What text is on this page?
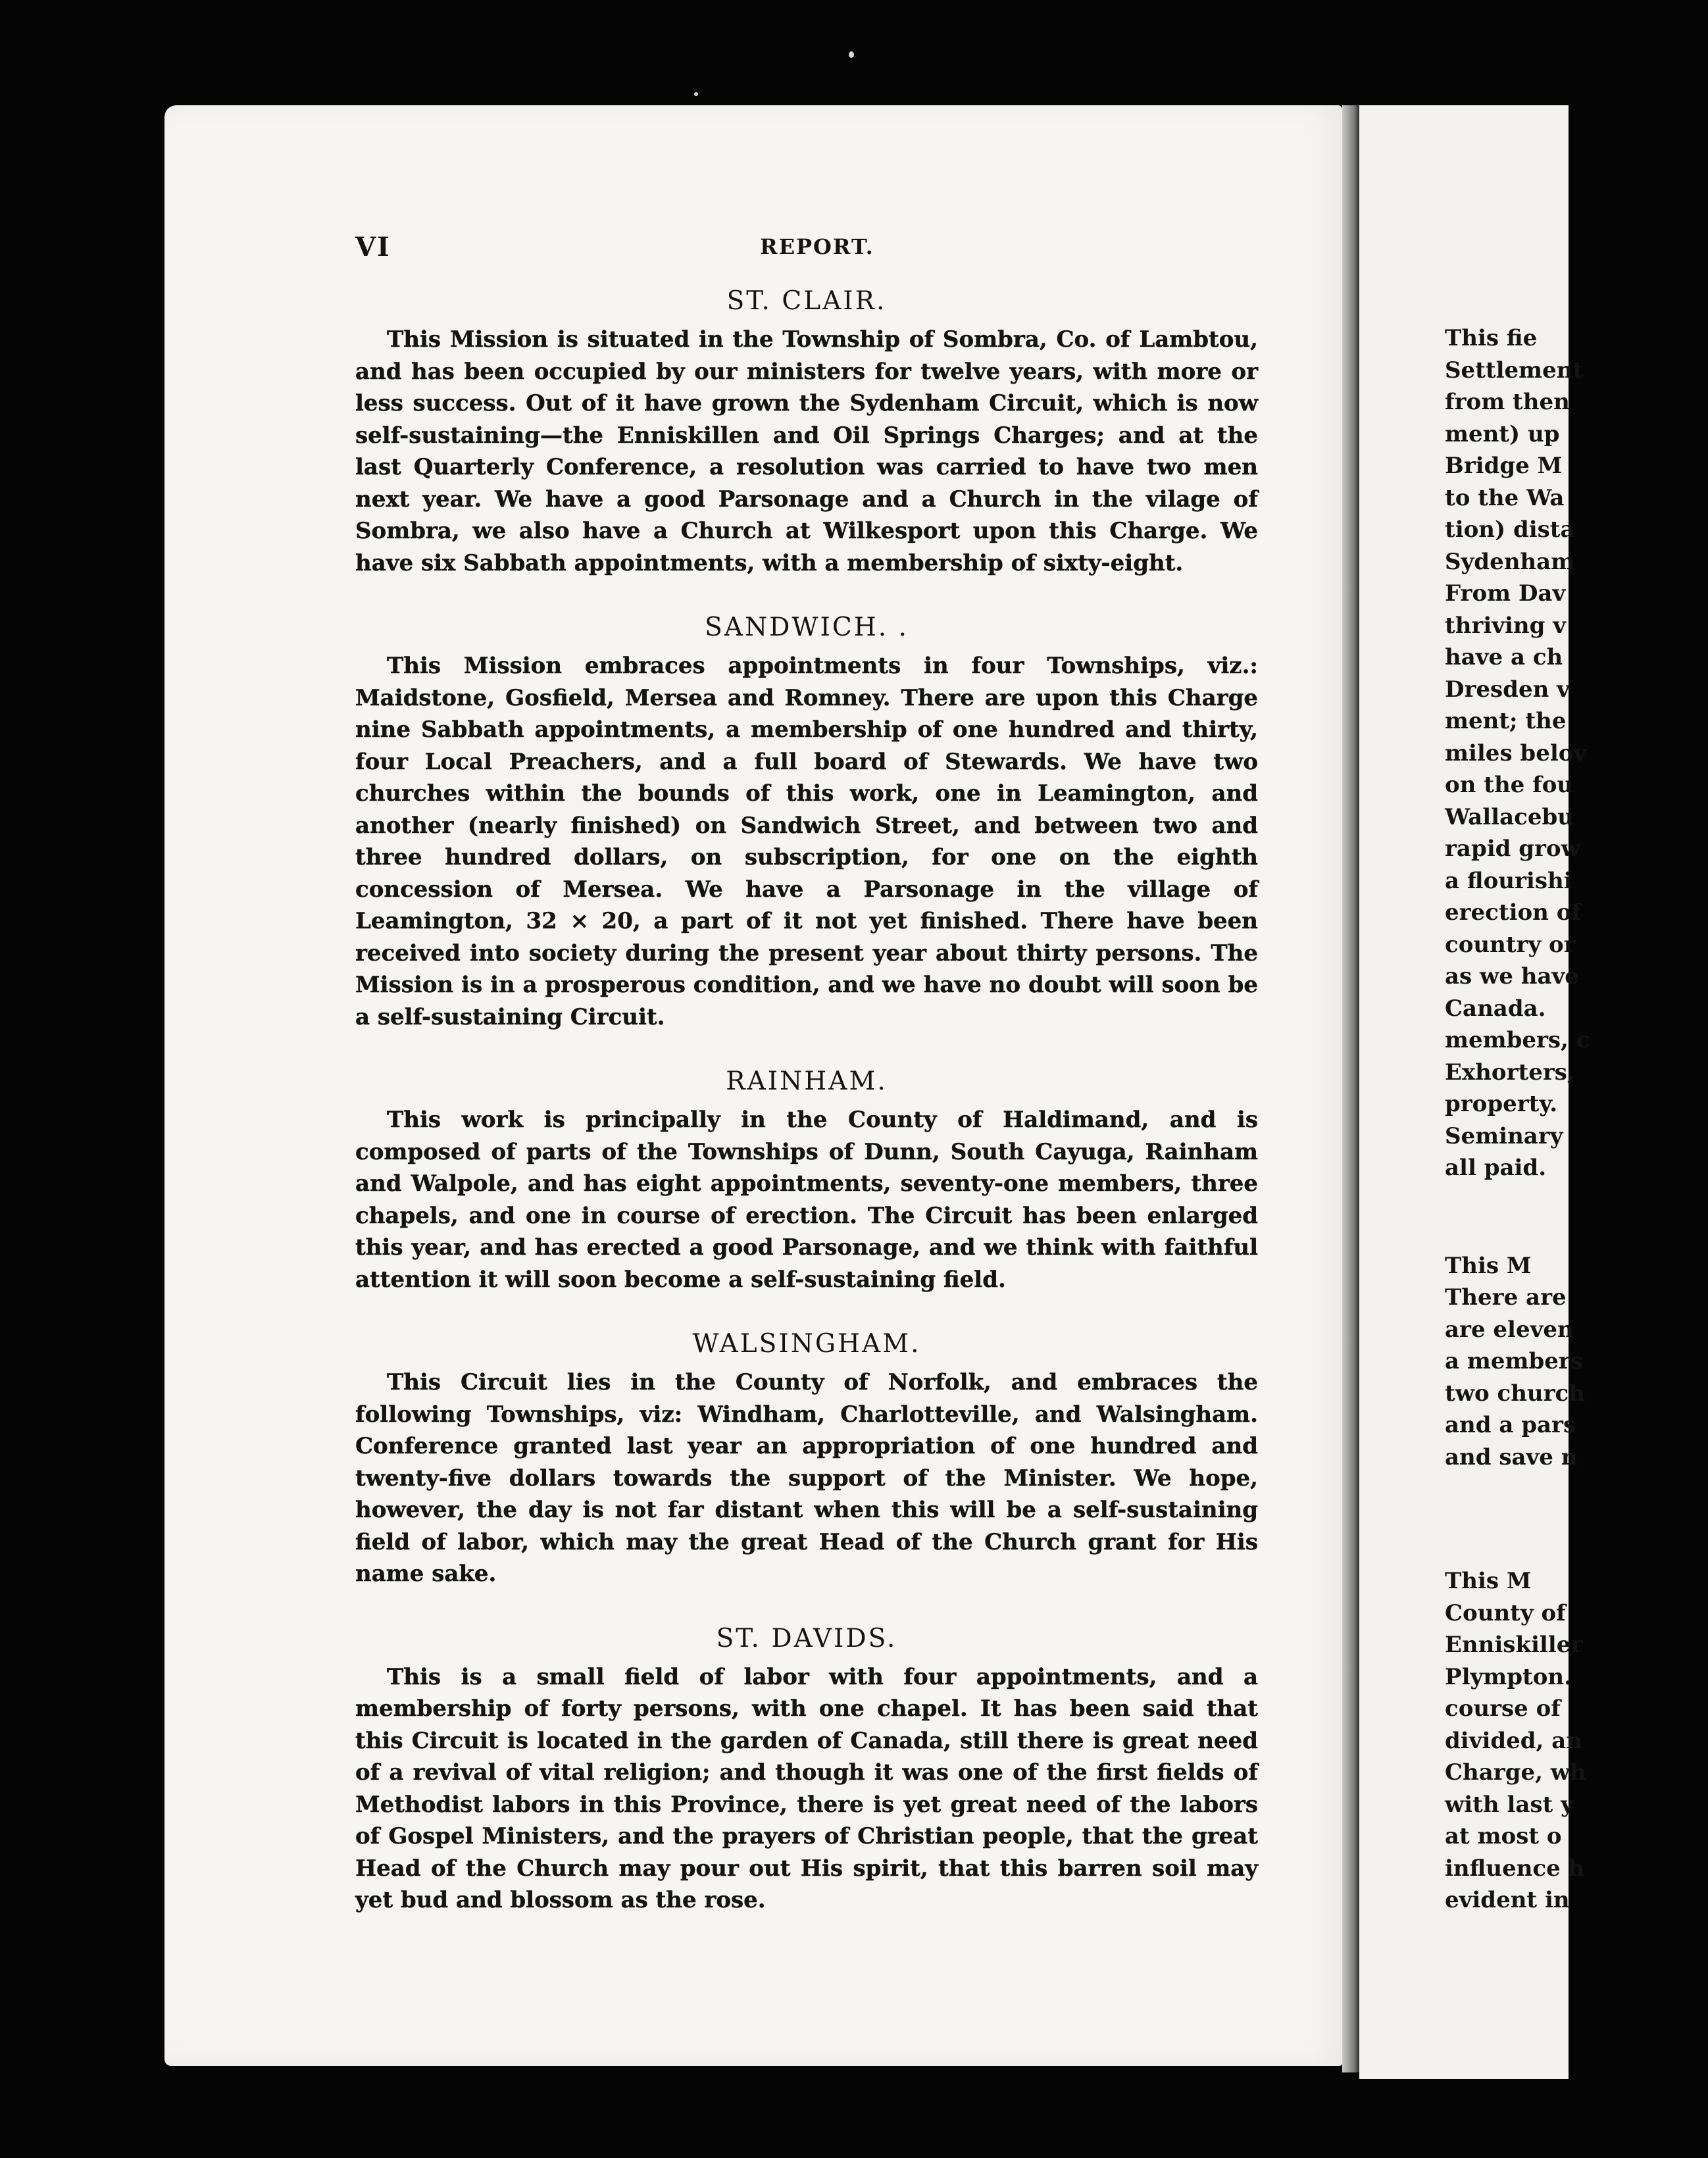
This fie
Settlement
from then
ment) up
Bridge M
to the Wa
tion) dista
Sydenham
From Dav
thriving v
have a ch
Dresden v
ment; the
miles belov
on the fou
Wallacebu
rapid grow
a flourishi
erection of
country or
as we have
Canada.
members, c
Exhorters,
property.
Seminary
all paid.
This M
There are
are eleven
a members
two church
and a pars
and save n
This M
County of
Enniskiller
Plympton.
course of
divided, an
Charge, wh
with last y
at most o
influence h
evident in
VI	REPORT.
ST. CLAIR.

This Mission is situated in the Township of Sombra, Co. of Lambtou, and has been occupied by our ministers for twelve years, with more or less success. Out of it have grown the Sydenham Circuit, which is now self-sustaining—the Enniskillen and Oil Springs Charges; and at the last Quarterly Conference, a resolution was carried to have two men next year. We have a good Parsonage and a Church in the vilage of Sombra, we also have a Church at Wilkesport upon this Charge. We have six Sabbath appointments, with a membership of sixty-eight.

SANDWICH. .

This Mission embraces appointments in four Townships, viz.: Maidstone, Gosfield, Mersea and Romney. There are upon this Charge nine Sabbath appointments, a membership of one hundred and thirty, four Local Preachers, and a full board of Stewards. We have two churches within the bounds of this work, one in Leamington, and another (nearly finished) on Sandwich Street, and between two and three hundred dollars, on subscription, for one on the eighth concession of Mersea. We have a Parsonage in the village of Leamington, 32 × 20, a part of it not yet finished. There have been received into society during the present year about thirty persons. The Mission is in a prosperous condition, and we have no doubt will soon be a self-sustaining Circuit.

RAINHAM.

This work is principally in the County of Haldimand, and is composed of parts of the Townships of Dunn, South Cayuga, Rainham and Walpole, and has eight appointments, seventy-one members, three chapels, and one in course of erection. The Circuit has been enlarged this year, and has erected a good Parsonage, and we think with faithful attention it will soon become a self-sustaining field.

WALSINGHAM.

This Circuit lies in the County of Norfolk, and embraces the following Townships, viz: Windham, Charlotteville, and Walsingham. Conference granted last year an appropriation of one hundred and twenty-five dollars towards the support of the Minister. We hope, however, the day is not far distant when this will be a self-sustaining field of labor, which may the great Head of the Church grant for His name sake.

ST. DAVIDS.

This is a small field of labor with four appointments, and a membership of forty persons, with one chapel. It has been said that this Circuit is located in the garden of Canada, still there is great need of a revival of vital religion; and though it was one of the first fields of Methodist labors in this Province, there is yet great need of the labors of Gospel Ministers, and the prayers of Christian people, that the great Head of the Church may pour out His spirit, that this barren soil may yet bud and blossom as the rose.
